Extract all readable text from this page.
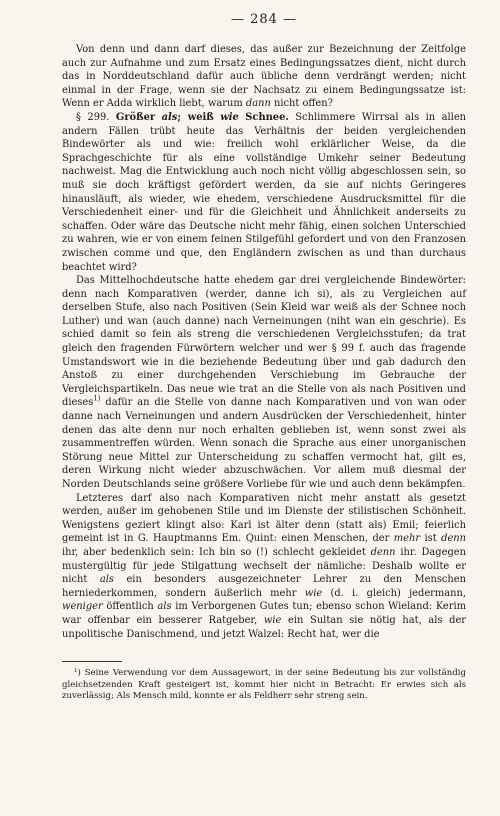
— 284 —

Von denn und dann darf dieses, das außer zur Bezeichnung der Zeitfolge auch zur Aufnahme und zum Ersatz eines Bedingungssatzes dient, nicht durch das in Norddeutschland dafür auch übliche denn verdrängt werden; nicht einmal in der Frage, wenn sie der Nachsatz zu einem Bedingungssatze ist: Wenn er Adda wirklich liebt, warum dann nicht offen?

§ 299. Größer als; weiß wie Schnee. Schlimmere Wirrsal als in allen andern Fällen trübt heute das Verhältnis der beiden vergleichenden Bindewörter als und wie: freilich wohl erklärlicher Weise, da die Sprachgeschichte für als eine vollständige Umkehr seiner Bedeutung nachweist. Mag die Entwicklung auch noch nicht völlig abgeschlossen sein, so muß sie doch kräftigst gefördert werden, da sie auf nichts Geringeres hinausläuft, als wieder, wie ehedem, verschiedene Ausdrucksmittel für die Verschiedenheit einer- und für die Gleichheit und Ähnlichkeit anderseits zu schaffen. Oder wäre das Deutsche nicht mehr fähig, einen solchen Unterschied zu wahren, wie er von einem feinen Stilgefühl gefordert und von den Franzosen zwischen comme und que, den Engländern zwischen as und than durchaus beachtet wird?

Das Mittelhochdeutsche hatte ehedem gar drei vergleichende Bindewörter: denn nach Komparativen (werder, danne ich si), als zu Vergleichen auf derselben Stufe, also nach Positiven (Sein Kleid war weiß als der Schnee noch Luther) und wan (auch danne) nach Verneinungen (niht wan ein geschrie). Es schied damit so fein als streng die verschiedenen Vergleichsstufen; da trat gleich den fragenden Fürwörtern welcher und wer § 99 f. auch das fragende Umstandswort wie in die beziehende Bedeutung über und gab dadurch den Anstoß zu einer durchgehenden Verschiebung im Gebrauche der Vergleichspartikeln. Das neue wie trat an die Stelle von als nach Positiven und dieses$^{1)}$ dafür an die Stelle von danne nach Komparativen und von wan oder danne nach Verneinungen und andern Ausdrücken der Verschiedenheit, hinter denen das alte denn nur noch erhalten geblieben ist, wenn sonst zwei als zusammentreffen würden. Wenn sonach die Sprache aus einer unorganischen Störung neue Mittel zur Unterscheidung zu schaffen vermocht hat, gilt es, deren Wirkung nicht wieder abzuschwächen. Vor allem muß diesmal der Norden Deutschlands seine größere Vorliebe für wie und auch denn bekämpfen.

Letzteres darf also nach Komparativen nicht mehr anstatt als gesetzt werden, außer im gehobenen Stile und im Dienste der stilistischen Schönheit. Wenigstens geziert klingt also: Karl ist älter denn (statt als) Emil; feierlich gemeint ist in G. Hauptmanns Em. Quint: einen Menschen, der mehr ist denn ihr, aber bedenklich sein: Ich bin so (!) schlecht gekleidet denn ihr. Dagegen mustergültig für jede Stilgattung wechselt der nämliche: Deshalb wollte er nicht als ein besonders ausgezeichneter Lehrer zu den Menschen herniederkommen, sondern äußerlich mehr wie (d. i. gleich) jedermann, weniger öffentlich als im Verborgenen Gutes tun; ebenso schon Wieland: Kerim war offenbar ein besserer Ratgeber, wie ein Sultan sie nötig hat, als der unpolitische Danischmend, und jetzt Walzel: Recht hat, wer die

¹) Seine Verwendung vor dem Aussagewort, in der seine Bedeutung bis zur vollständig gleichsetzenden Kraft gesteigert ist, kommt hier nicht in Betracht: Er erwies sich als zuverlässig; Als Mensch mild, konnte er als Feldherr sehr streng sein.
